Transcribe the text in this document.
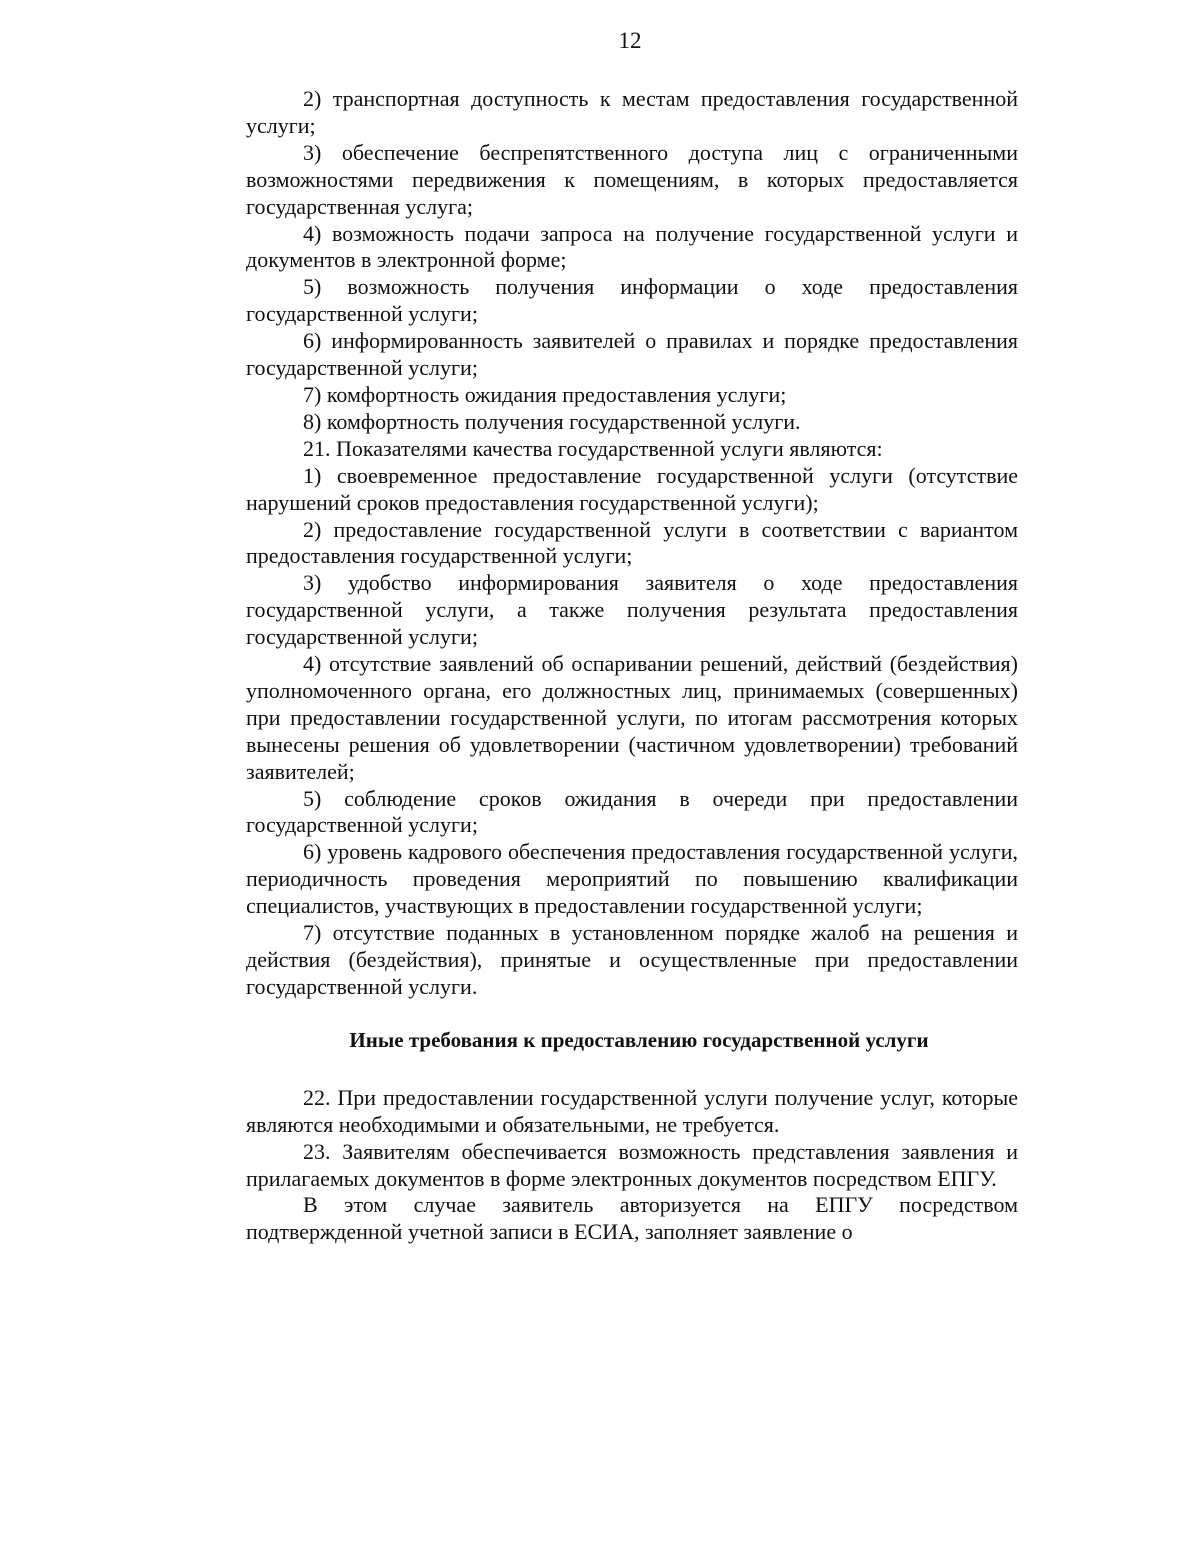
12

2) транспортная доступность к местам предоставления государственной услуги;

3) обеспечение беспрепятственного доступа лиц с ограниченными возможностями передвижения к помещениям, в которых предоставляется государственная услуга;

4) возможность подачи запроса на получение государственной услуги и документов в электронной форме;

5) возможность получения информации о ходе предоставления государственной услуги;

6) информированность заявителей о правилах и порядке предоставления государственной услуги;

7) комфортность ожидания предоставления услуги;

8) комфортность получения государственной услуги.

21. Показателями качества государственной услуги являются:

1) своевременное предоставление государственной услуги (отсутствие нарушений сроков предоставления государственной услуги);

2) предоставление государственной услуги в соответствии с вариантом предоставления государственной услуги;

3) удобство информирования заявителя о ходе предоставления государственной услуги, а также получения результата предоставления государственной услуги;

4) отсутствие заявлений об оспаривании решений, действий (бездействия) уполномоченного органа, его должностных лиц, принимаемых (совершенных) при предоставлении государственной услуги, по итогам рассмотрения которых вынесены решения об удовлетворении (частичном удовлетворении) требований заявителей;

5) соблюдение сроков ожидания в очереди при предоставлении государственной услуги;

6) уровень кадрового обеспечения предоставления государственной услуги, периодичность проведения мероприятий по повышению квалификации специалистов, участвующих в предоставлении государственной услуги;

7) отсутствие поданных в установленном порядке жалоб на решения и действия (бездействия), принятые и осуществленные при предоставлении государственной услуги.

Иные требования к предоставлению государственной услуги

22. При предоставлении государственной услуги получение услуг, которые являются необходимыми и обязательными, не требуется.

23. Заявителям обеспечивается возможность представления заявления и прилагаемых документов в форме электронных документов посредством ЕПГУ.

В этом случае заявитель авторизуется на ЕПГУ посредством подтвержденной учетной записи в ЕСИА, заполняет заявление о
